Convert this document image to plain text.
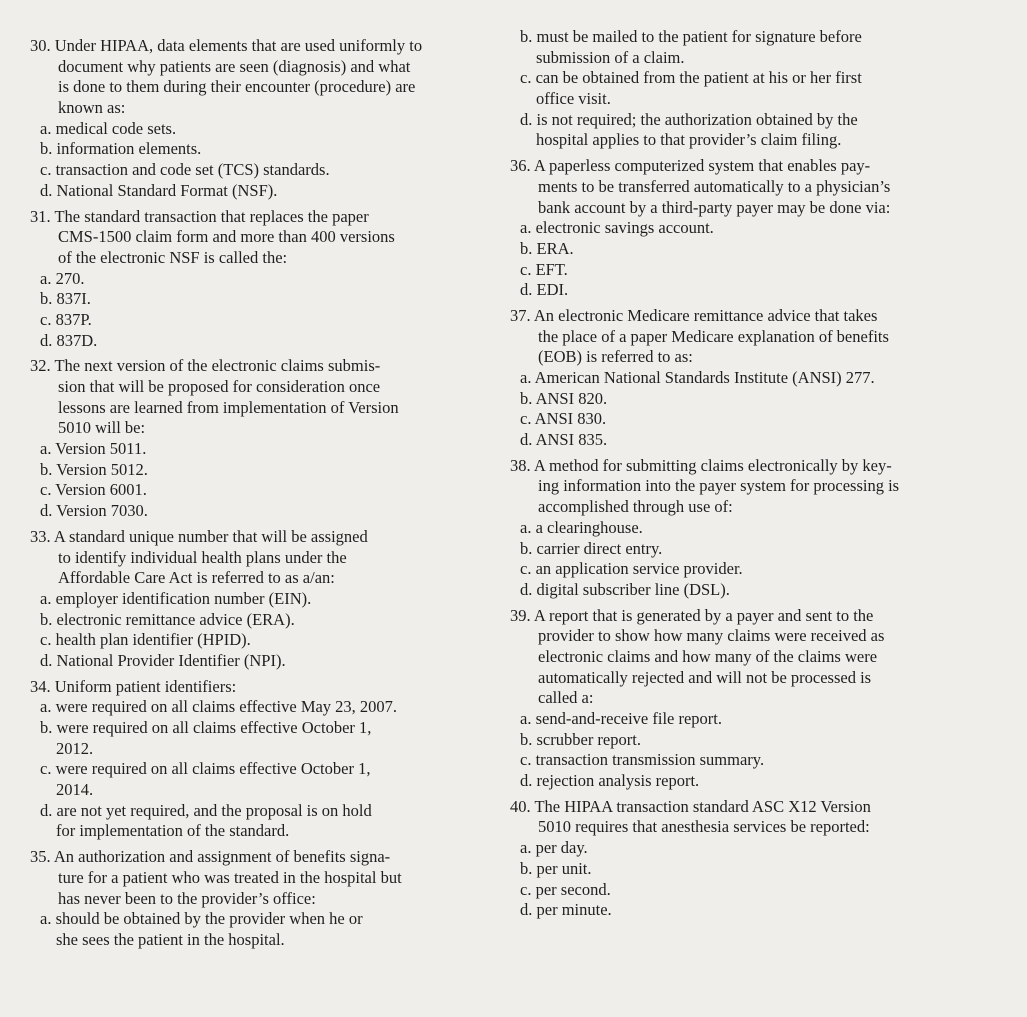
30. Under HIPAA, data elements that are used uniformly to
document why patients are seen (diagnosis) and what
is done to them during their encounter (procedure) are
known as:
a. medical code sets.
b. information elements.
c. transaction and code set (TCS) standards.
d. National Standard Format (NSF).
31. The standard transaction that replaces the paper
CMS-1500 claim form and more than 400 versions
of the electronic NSF is called the:
a. 270.
b. 837I.
c. 837P.
d. 837D.
32. The next version of the electronic claims submis-
sion that will be proposed for consideration once
lessons are learned from implementation of Version
5010 will be:
a. Version 5011.
b. Version 5012.
c. Version 6001.
d. Version 7030.
33. A standard unique number that will be assigned
to identify individual health plans under the
Affordable Care Act is referred to as a/an:
a. employer identification number (EIN).
b. electronic remittance advice (ERA).
c. health plan identifier (HPID).
d. National Provider Identifier (NPI).
34. Uniform patient identifiers:
a. were required on all claims effective May 23, 2007.
b. were required on all claims effective October 1,
2012.
c. were required on all claims effective October 1,
2014.
d. are not yet required, and the proposal is on hold
for implementation of the standard.
35. An authorization and assignment of benefits signa-
ture for a patient who was treated in the hospital but
has never been to the provider’s office:
a. should be obtained by the provider when he or
she sees the patient in the hospital.
b. must be mailed to the patient for signature before
submission of a claim.
c. can be obtained from the patient at his or her first
office visit.
d. is not required; the authorization obtained by the
hospital applies to that provider’s claim filing.
36. A paperless computerized system that enables pay-
ments to be transferred automatically to a physician’s
bank account by a third-party payer may be done via:
a. electronic savings account.
b. ERA.
c. EFT.
d. EDI.
37. An electronic Medicare remittance advice that takes
the place of a paper Medicare explanation of benefits
(EOB) is referred to as:
a. American National Standards Institute (ANSI) 277.
b. ANSI 820.
c. ANSI 830.
d. ANSI 835.
38. A method for submitting claims electronically by key-
ing information into the payer system for processing is
accomplished through use of:
a. a clearinghouse.
b. carrier direct entry.
c. an application service provider.
d. digital subscriber line (DSL).
39. A report that is generated by a payer and sent to the
provider to show how many claims were received as
electronic claims and how many of the claims were
automatically rejected and will not be processed is
called a:
a. send-and-receive file report.
b. scrubber report.
c. transaction transmission summary.
d. rejection analysis report.
40. The HIPAA transaction standard ASC X12 Version
5010 requires that anesthesia services be reported:
a. per day.
b. per unit.
c. per second.
d. per minute.
